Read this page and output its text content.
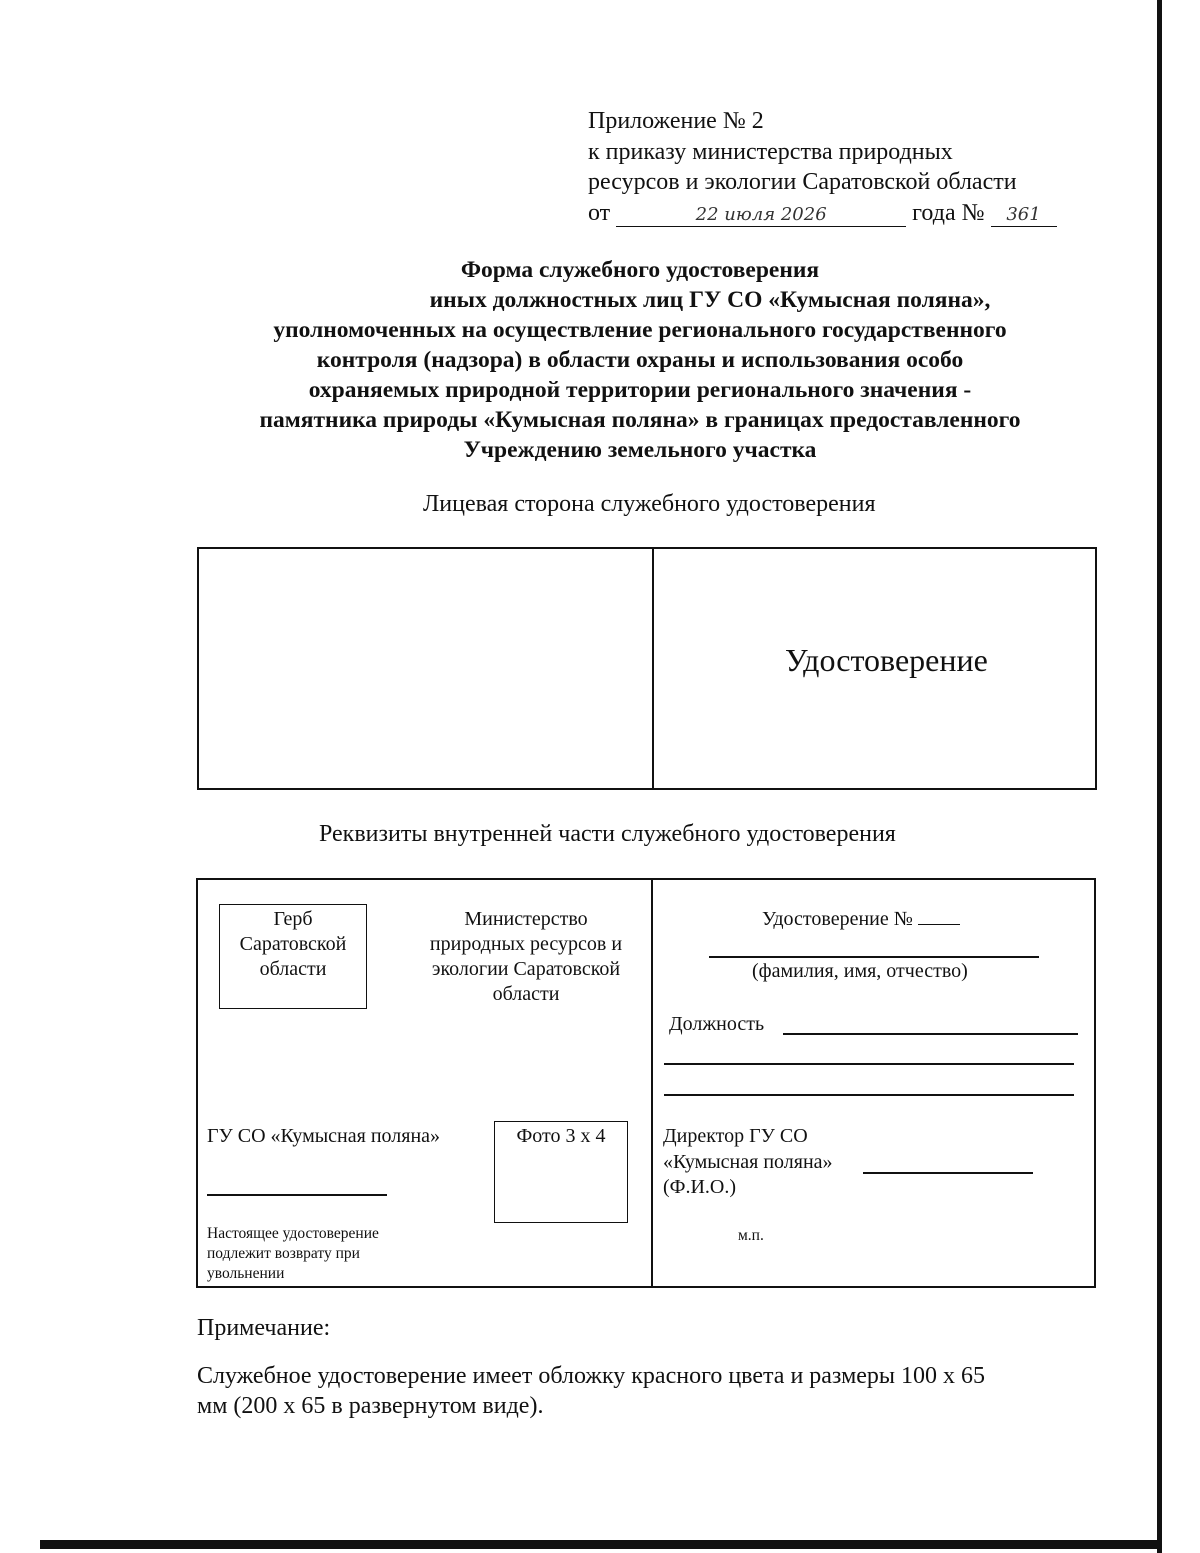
Приложение № 2
к приказу министерства природных
ресурсов и экологии Саратовской области
от	22 июля 2026	года № 361
Форма служебного удостоверения
иных должностных лиц ГУ СО «Кумысная поляна»,
уполномоченных на осуществление регионального государственного
контроля (надзора) в области охраны и использования особо
охраняемых природной территории регионального значения -
памятника природы «Кумысная поляна» в границах предоставленного
Учреждению земельного участка
Лицевая сторона служебного удостоверения
Удостоверение
Реквизиты внутренней части служебного удостоверения
Герб
Саратовской
области
Министерство
природных ресурсов и
экологии Саратовской
области
ГУ СО «Кумысная поляна»	Фото 3 х 4
Настоящее удостоверение
подлежит возврату при
увольнении
Удостоверение №
(фамилия, имя, отчество)
Должность
Директор ГУ СО
«Кумысная поляна»
(Ф.И.О.)
м.п.
Примечание:
Служебное удостоверение имеет обложку красного цвета и размеры 100 х 65
мм (200 х 65 в развернутом виде).
